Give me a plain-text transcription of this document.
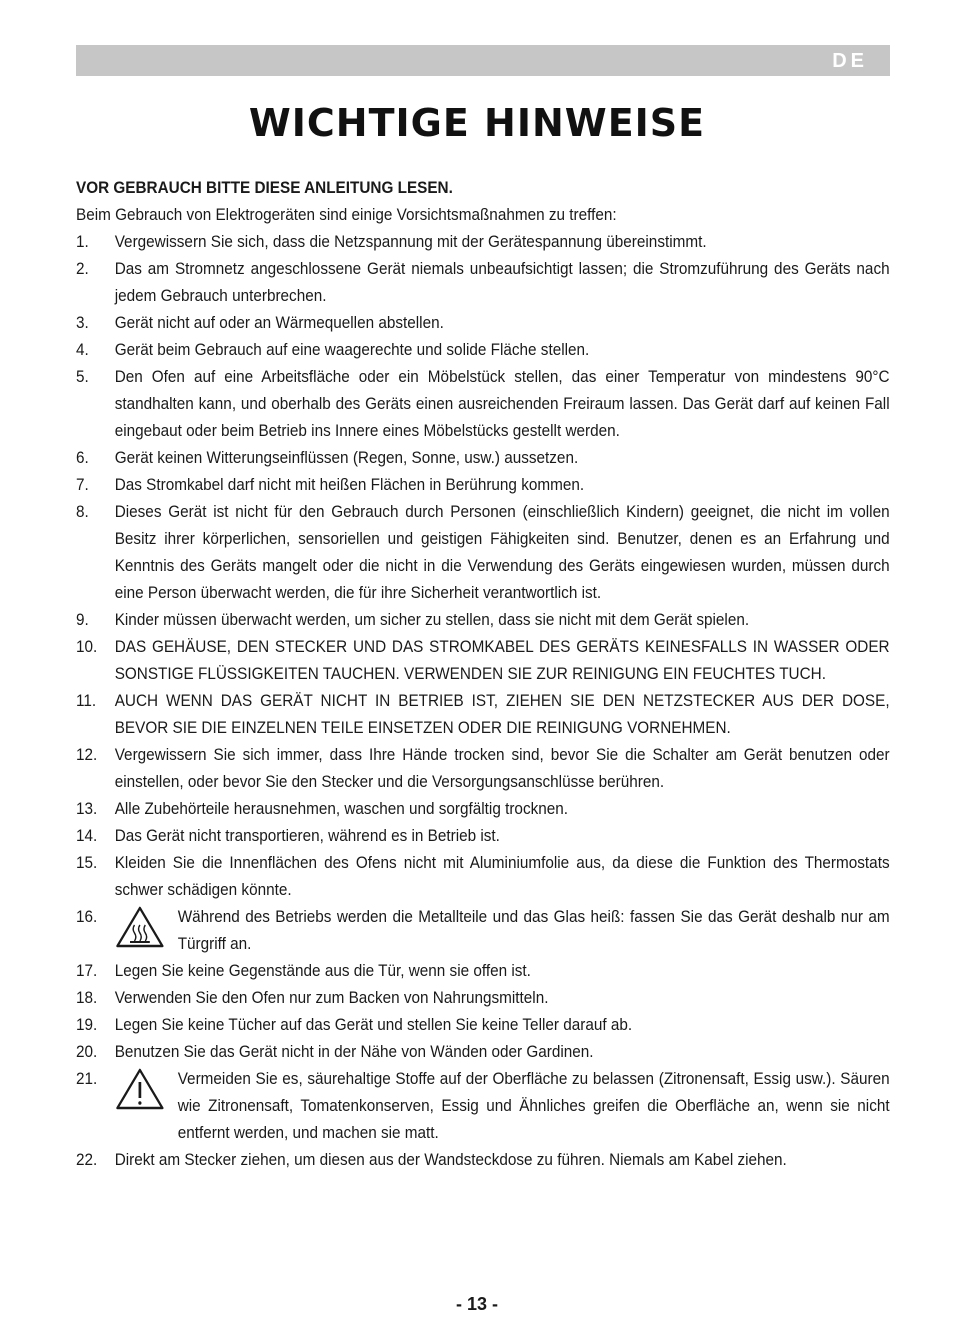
DE
WICHTIGE HINWEISE
VOR GEBRAUCH BITTE DIESE ANLEITUNG LESEN.
Beim Gebrauch von Elektrogeräten sind einige Vorsichtsmaßnahmen zu treffen:
1.	Vergewissern Sie sich, dass die Netzspannung mit der Gerätespannung übereinstimmt.
2.	Das am Stromnetz angeschlossene Gerät niemals unbeaufsichtigt lassen; die Stromzuführung des Geräts nach jedem Gebrauch unterbrechen.
3.	Gerät nicht auf oder an Wärmequellen abstellen.
4.	Gerät beim Gebrauch auf eine waagerechte und solide Fläche stellen.
5.	Den Ofen auf eine Arbeitsfläche oder ein Möbelstück stellen, das einer Temperatur von mindestens 90°C standhalten kann, und oberhalb des Geräts einen ausreichenden Freiraum lassen. Das Gerät darf auf keinen Fall eingebaut oder beim Betrieb ins Innere eines Möbelstücks gestellt werden.
6.	Gerät keinen Witterungseinflüssen (Regen, Sonne, usw.) aussetzen.
7.	Das Stromkabel darf nicht mit heißen Flächen in Berührung kommen.
8.	Dieses Gerät ist nicht für den Gebrauch durch Personen (einschließlich Kindern) geeignet, die nicht im vollen Besitz ihrer körperlichen, sensoriellen und geistigen Fähigkeiten sind. Benutzer, denen es an Erfahrung und Kenntnis des Geräts mangelt oder die nicht in die Verwendung des Geräts eingewiesen wurden, müssen durch eine Person überwacht werden, die für ihre Sicherheit verantwortlich ist.
9.	Kinder müssen überwacht werden, um sicher zu stellen, dass sie nicht mit dem Gerät spielen.
10.	DAS GEHÄUSE, DEN STECKER UND DAS STROMKABEL DES GERÄTS KEINESFALLS IN WASSER ODER SONSTIGE FLÜSSIGKEITEN TAUCHEN. VERWENDEN SIE ZUR REINIGUNG EIN FEUCHTES TUCH.
11.	AUCH WENN DAS GERÄT NICHT IN BETRIEB IST, ZIEHEN SIE DEN NETZSTECKER AUS DER DOSE, BEVOR SIE DIE EINZELNEN TEILE EINSETZEN ODER DIE REINIGUNG VORNEHMEN.
12.	Vergewissern Sie sich immer, dass Ihre Hände trocken sind, bevor Sie die Schalter am Gerät benutzen oder einstellen, oder bevor Sie den Stecker und die Versorgungsanschlüsse berühren.
13.	Alle Zubehörteile herausnehmen, waschen und sorgfältig trocknen.
14.	Das Gerät nicht transportieren, während es in Betrieb ist.
15.	Kleiden Sie die Innenflächen des Ofens nicht mit Aluminiumfolie aus, da diese die Funktion des Thermostats schwer schädigen könnte.
16.	Während des Betriebs werden die Metallteile und das Glas heiß: fassen Sie das Gerät deshalb nur am Türgriff an.
17.	Legen Sie keine Gegenstände aus die Tür, wenn sie offen ist.
18.	Verwenden Sie den Ofen nur zum Backen von Nahrungsmitteln.
19.	Legen Sie keine Tücher auf das Gerät und stellen Sie keine Teller darauf ab.
20.	Benutzen Sie das Gerät nicht in der Nähe von Wänden oder Gardinen.
21.	Vermeiden Sie es, säurehaltige Stoffe auf der Oberfläche zu belassen (Zitronensaft, Essig usw.). Säuren wie Zitronensaft, Tomatenkonserven, Essig und Ähnliches greifen die Oberfläche an, wenn sie nicht entfernt werden, und machen sie matt.
22.	Direkt am Stecker ziehen, um diesen aus der Wandsteckdose zu führen. Niemals am Kabel ziehen.
- 13 -
